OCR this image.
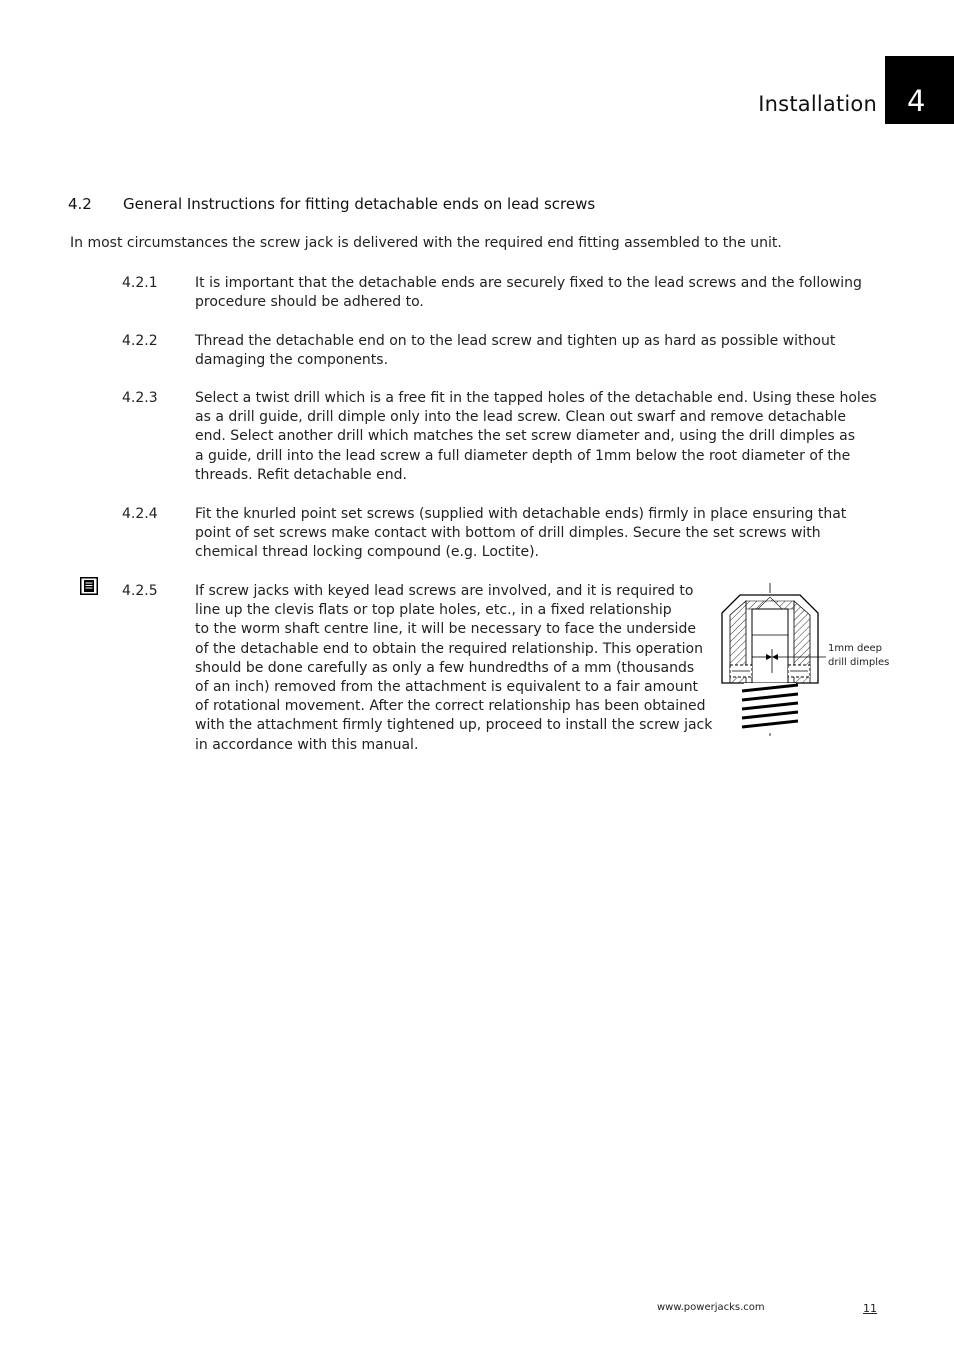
Installation 4
4.2 General Instructions for fitting detachable ends on lead screws
In most circumstances the screw jack is delivered with the required end fitting assembled to the unit.
4.2.1	It is important that the detachable ends are securely fixed to the lead screws and the following
procedure should be adhered to.
4.2.2	Thread the detachable end on to the lead screw and tighten up as hard as possible without
damaging the components.
4.2.3	Select a twist drill which is a free fit in the tapped holes of the detachable end. Using these holes
as a drill guide, drill dimple only into the lead screw. Clean out swarf and remove detachable
end. Select another drill which matches the set screw diameter and, using the drill dimples as
a guide, drill into the lead screw a full diameter depth of 1mm below the root diameter of the
threads. Refit detachable end.
4.2.4	Fit the knurled point set screws (supplied with detachable ends) firmly in place ensuring that
point of set screws make contact with bottom of drill dimples. Secure the set screws with
chemical thread locking compound (e.g. Loctite).
4.2.5	If screw jacks with keyed lead screws are involved, and it is required to
line up the clevis flats or top plate holes, etc., in a fixed relationship
to the worm shaft centre line, it will be necessary to face the underside
of the detachable end to obtain the required relationship. This operation
should be done carefully as only a few hundredths of a mm (thousands
of an inch) removed from the attachment is equivalent to a fair amount
of rotational movement. After the correct relationship has been obtained
with the attachment firmly tightened up, proceed to install the screw jack
in accordance with this manual.
1mm deep
drill dimples
www.powerjacks.com	11
